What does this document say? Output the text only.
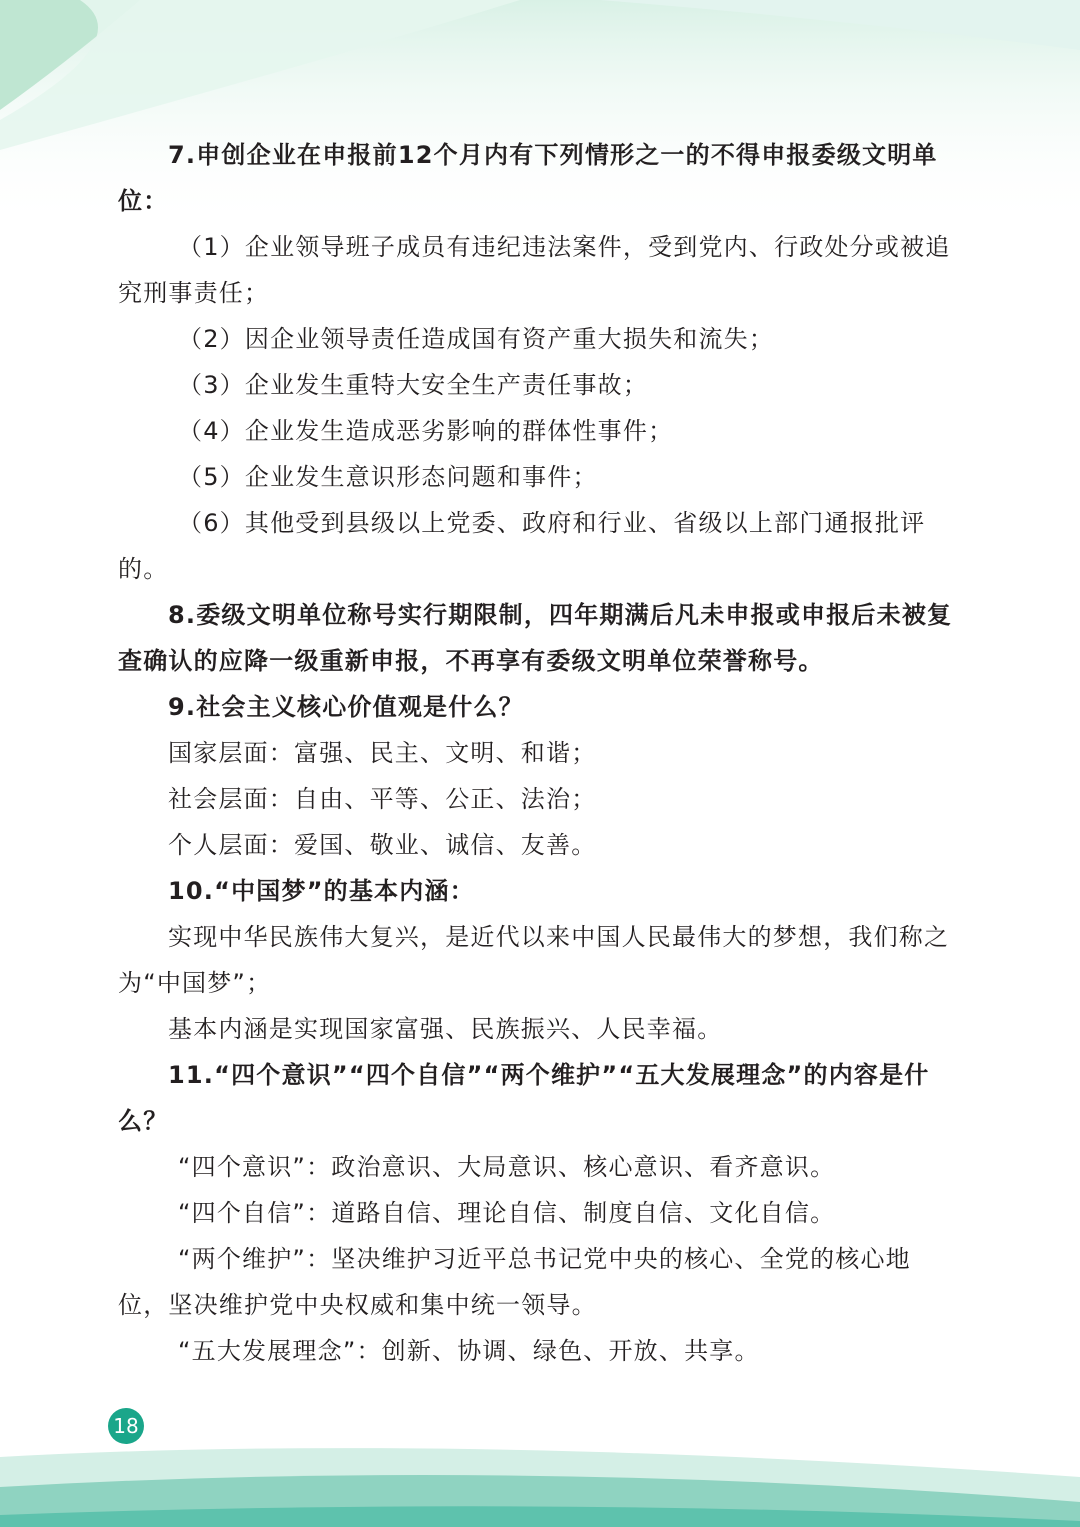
7.申创企业在申报前12个月内有下列情形之一的不得申报委级文明单位：

（1）企业领导班子成员有违纪违法案件，受到党内、行政处分或被追究刑事责任；

（2）因企业领导责任造成国有资产重大损失和流失；

（3）企业发生重特大安全生产责任事故；

（4）企业发生造成恶劣影响的群体性事件；

（5）企业发生意识形态问题和事件；

（6）其他受到县级以上党委、政府和行业、省级以上部门通报批评的。

8.委级文明单位称号实行期限制，四年期满后凡未申报或申报后未被复查确认的应降一级重新申报，不再享有委级文明单位荣誉称号。

9.社会主义核心价值观是什么？

国家层面：富强、民主、文明、和谐；

社会层面：自由、平等、公正、法治；

个人层面：爱国、敬业、诚信、友善。

10.“中国梦”的基本内涵：

实现中华民族伟大复兴，是近代以来中国人民最伟大的梦想，我们称之为“中国梦”；

基本内涵是实现国家富强、民族振兴、人民幸福。

11.“四个意识”“四个自信”“两个维护”“五大发展理念”的内容是什么？

“四个意识”：政治意识、大局意识、核心意识、看齐意识。

“四个自信”：道路自信、理论自信、制度自信、文化自信。

“两个维护”：坚决维护习近平总书记党中央的核心、全党的核心地位，坚决维护党中央权威和集中统一领导。

“五大发展理念”：创新、协调、绿色、开放、共享。

18
